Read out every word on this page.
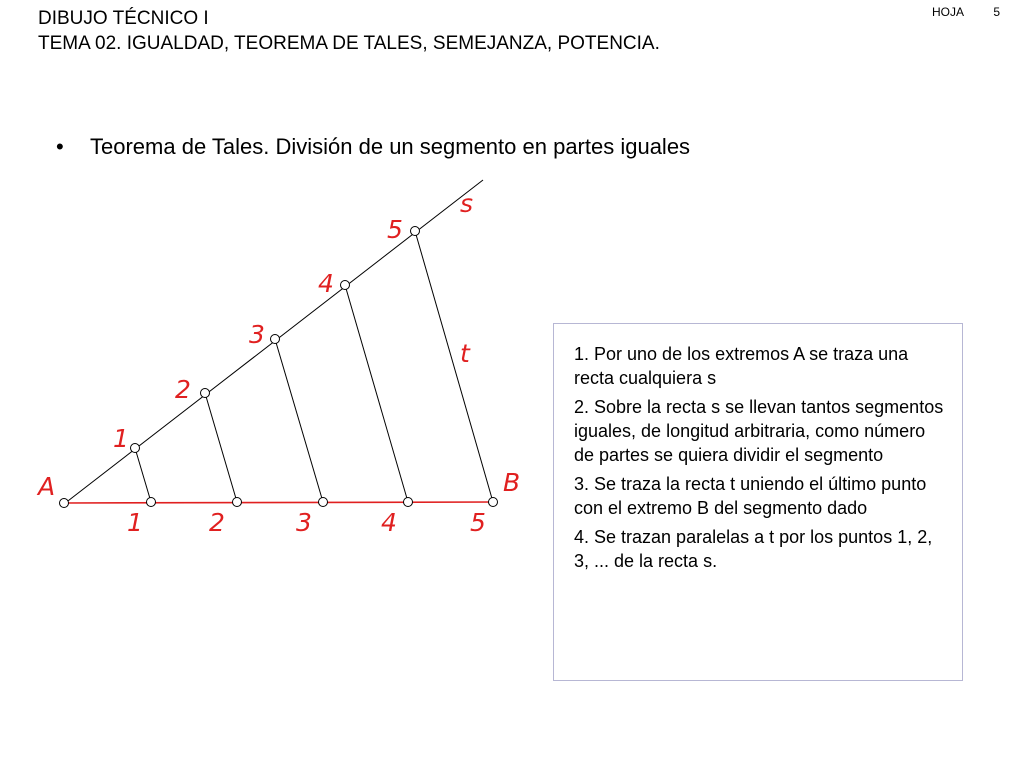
DIBUJO TÉCNICO I
TEMA 02. IGUALDAD, TEOREMA DE TALES, SEMEJANZA, POTENCIA.
HOJA 5
• Teorema de Tales. División de un segmento en partes iguales
1
2
3
4
5
s
t
A	B
1	2	3	4	5

1. Por uno de los extremos A se traza una recta cualquiera s

2. Sobre la recta s se llevan tantos segmentos iguales, de longitud arbitraria, como número de partes se quiera dividir el segmento

3. Se traza la recta t uniendo el último punto con el extremo B del segmento dado

4. Se trazan paralelas a t por los puntos 1, 2, 3, ... de la recta s.
